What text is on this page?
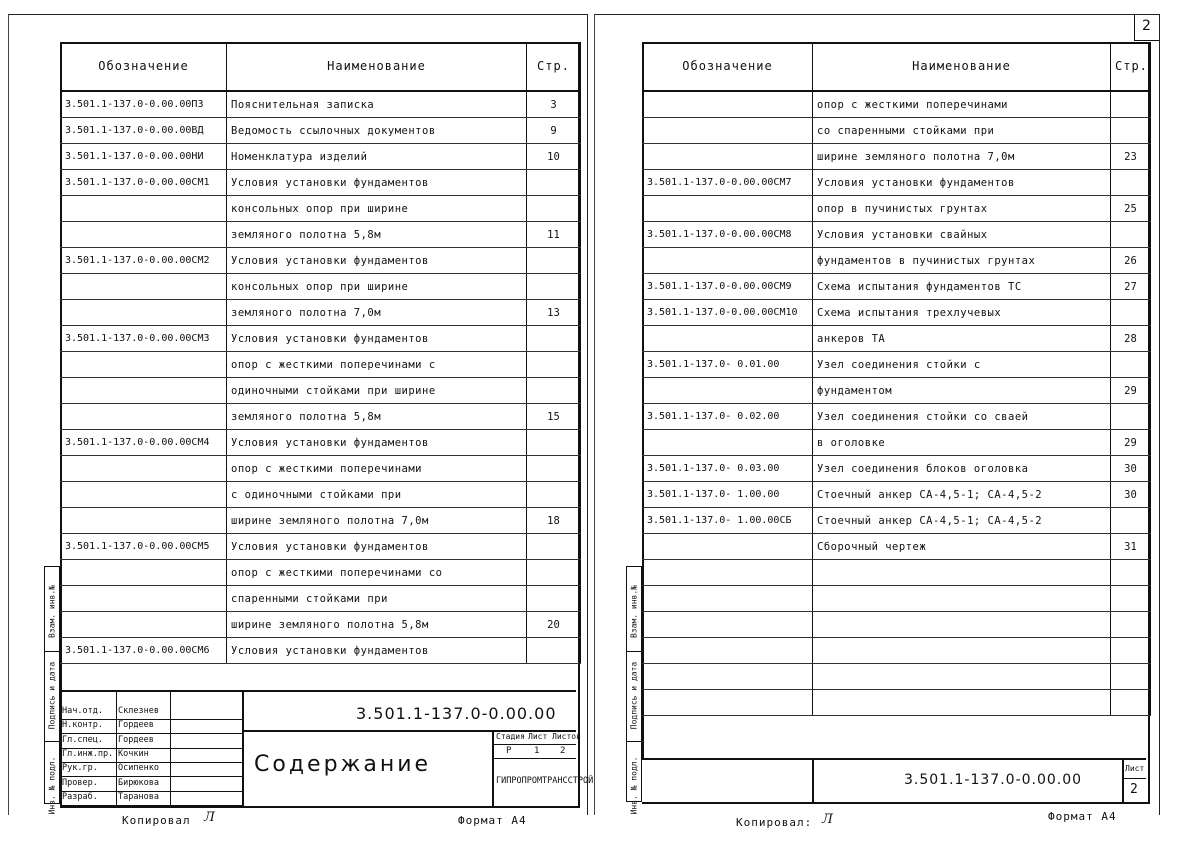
Обозначение	Наименование	Стр.
3.501.1-137.0-0.00.00ПЗ	Пояснительная записка	3
3.501.1-137.0-0.00.00ВД	Ведомость ссылочных документов	9
3.501.1-137.0-0.00.00НИ	Номенклатура изделий	10
3.501.1-137.0-0.00.00СМ1	Условия установки фундаментов	
	консольных опор при ширине	
	земляного полотна 5,8м	11
3.501.1-137.0-0.00.00СМ2	Условия установки фундаментов	
	консольных опор при ширине	
	земляного полотна 7,0м	13
3.501.1-137.0-0.00.00СМ3	Условия установки фундаментов	
	опор с жесткими поперечинами с	
	одиночными стойками при ширине	
	земляного полотна 5,8м	15
3.501.1-137.0-0.00.00СМ4	Условия установки фундаментов	
	опор с жесткими поперечинами	
	с одиночными стойками при	
	ширине земляного полотна 7,0м	18
3.501.1-137.0-0.00.00СМ5	Условия установки фундаментов	
	опор с жесткими поперечинами со	
	спаренными стойками при	
	ширине земляного полотна 5,8м	20
3.501.1-137.0-0.00.00СМ6	Условия установки фундаментов	
Взам. инв.№
Подпись и дата
Инв. № подл.
3.501.1-137.0-0.00.00
Содержание
Стадия Лист Листов
Р	1 2
ГИПРОПРОМТРАНССТРОЙ
Нач.отд. Склезнев
Н.контр. Гордеев
Гл.спец. Гордеев
Гл.инж.пр. Кочкин
Рук.гр. Осипенко
Провер. Бирюкова
Разраб. Таранова
Копировал Л	Формат А4
2
Обозначение	Наименование	Стр.
	опор с жесткими поперечинами	
	со спаренными стойками при	
	ширине земляного полотна 7,0м	23
3.501.1-137.0-0.00.00СМ7	Условия установки фундаментов	
	опор в пучинистых грунтах	25
3.501.1-137.0-0.00.00СМ8	Условия установки свайных	
	фундаментов в пучинистых грунтах	26
3.501.1-137.0-0.00.00СМ9	Схема испытания фундаментов ТС	27
3.501.1-137.0-0.00.00СМ10	Схема испытания трехлучевых	
	анкеров ТА	28
3.501.1-137.0- 0.01.00	Узел соединения стойки с	
	фундаментом	29
3.501.1-137.0- 0.02.00	Узел соединения стойки со сваей	
	в оголовке	29
3.501.1-137.0- 0.03.00	Узел соединения блоков оголовка	30
3.501.1-137.0- 1.00.00	Стоечный анкер СА-4,5-1; СА-4,5-2	30
3.501.1-137.0- 1.00.00СБ	Стоечный анкер СА-4,5-1; СА-4,5-2	
	Сборочный чертеж	31

Взам. инв.№
Подпись и дата
Инв. № подл.	3.501.1-137.0-0.00.00
Лист
2
Копировал: Л	Формат А4
